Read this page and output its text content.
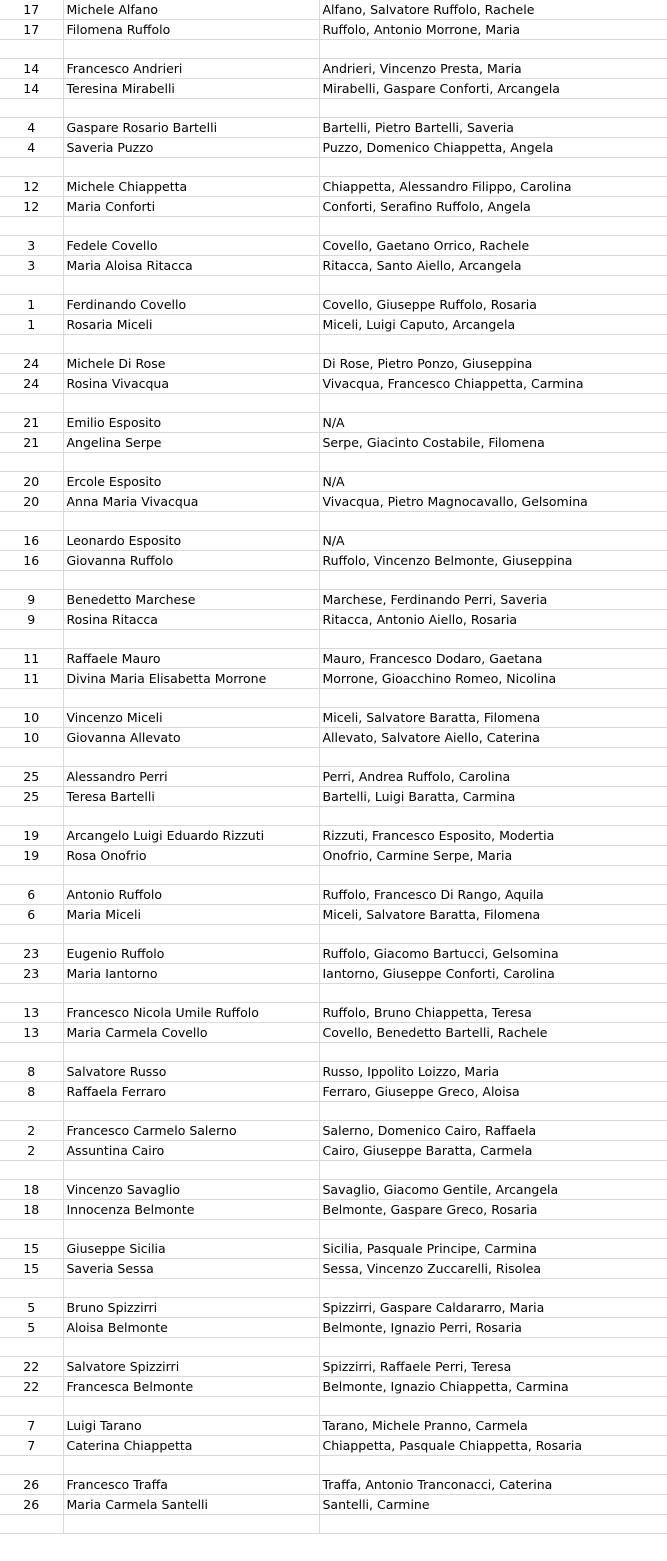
17	Michele Alfano	Alfano, Salvatore Ruffolo, Rachele
17	Filomena Ruffolo	Ruffolo, Antonio Morrone, Maria

14	Francesco Andrieri	Andrieri, Vincenzo Presta, Maria
14	Teresina Mirabelli	Mirabelli, Gaspare Conforti, Arcangela

4	Gaspare Rosario Bartelli	Bartelli, Pietro Bartelli, Saveria
4	Saveria Puzzo	Puzzo, Domenico Chiappetta, Angela

12	Michele Chiappetta	Chiappetta, Alessandro Filippo, Carolina
12	Maria Conforti	Conforti, Serafino Ruffolo, Angela

3	Fedele Covello	Covello, Gaetano Orrico, Rachele
3	Maria Aloisa Ritacca	Ritacca, Santo Aiello, Arcangela

1	Ferdinando Covello	Covello, Giuseppe Ruffolo, Rosaria
1	Rosaria Miceli	Miceli, Luigi Caputo, Arcangela

24	Michele Di Rose	Di Rose, Pietro Ponzo, Giuseppina
24	Rosina Vivacqua	Vivacqua, Francesco Chiappetta, Carmina

21	Emilio Esposito	N/A
21	Angelina Serpe	Serpe, Giacinto Costabile, Filomena

20	Ercole Esposito	N/A
20	Anna Maria Vivacqua	Vivacqua, Pietro Magnocavallo, Gelsomina

16	Leonardo Esposito	N/A
16	Giovanna Ruffolo	Ruffolo, Vincenzo Belmonte, Giuseppina

9	Benedetto Marchese	Marchese, Ferdinando Perri, Saveria
9	Rosina Ritacca	Ritacca, Antonio Aiello, Rosaria

11	Raffaele Mauro	Mauro, Francesco Dodaro, Gaetana
11	Divina Maria Elisabetta Morrone	Morrone, Gioacchino Romeo, Nicolina

10	Vincenzo Miceli	Miceli, Salvatore Baratta, Filomena
10	Giovanna Allevato	Allevato, Salvatore Aiello, Caterina

25	Alessandro Perri	Perri, Andrea Ruffolo, Carolina
25	Teresa Bartelli	Bartelli, Luigi Baratta, Carmina

19	Arcangelo Luigi Eduardo Rizzuti	Rizzuti, Francesco Esposito, Modertia
19	Rosa Onofrio	Onofrio, Carmine Serpe, Maria

6	Antonio Ruffolo	Ruffolo, Francesco Di Rango, Aquila
6	Maria Miceli	Miceli, Salvatore Baratta, Filomena

23	Eugenio Ruffolo	Ruffolo, Giacomo Bartucci, Gelsomina
23	Maria Iantorno	Iantorno, Giuseppe Conforti, Carolina

13	Francesco Nicola Umile Ruffolo	Ruffolo, Bruno Chiappetta, Teresa
13	Maria Carmela Covello	Covello, Benedetto Bartelli, Rachele

8	Salvatore Russo	Russo, Ippolito Loizzo, Maria
8	Raffaela Ferraro	Ferraro, Giuseppe Greco, Aloisa

2	Francesco Carmelo Salerno	Salerno, Domenico Cairo, Raffaela
2	Assuntina Cairo	Cairo, Giuseppe Baratta, Carmela

18	Vincenzo Savaglio	Savaglio, Giacomo Gentile, Arcangela
18	Innocenza Belmonte	Belmonte, Gaspare Greco, Rosaria

15	Giuseppe Sicilia	Sicilia, Pasquale Principe, Carmina
15	Saveria Sessa	Sessa, Vincenzo Zuccarelli, Risolea

5	Bruno Spizzirri	Spizzirri, Gaspare Caldararro, Maria
5	Aloisa Belmonte	Belmonte, Ignazio Perri, Rosaria

22	Salvatore Spizzirri	Spizzirri, Raffaele Perri, Teresa
22	Francesca Belmonte	Belmonte, Ignazio Chiappetta, Carmina

7	Luigi Tarano	Tarano, Michele Pranno, Carmela
7	Caterina Chiappetta	Chiappetta, Pasquale Chiappetta, Rosaria

26	Francesco Traffa	Traffa, Antonio Tranconacci, Caterina
26	Maria Carmela Santelli	Santelli, Carmine
